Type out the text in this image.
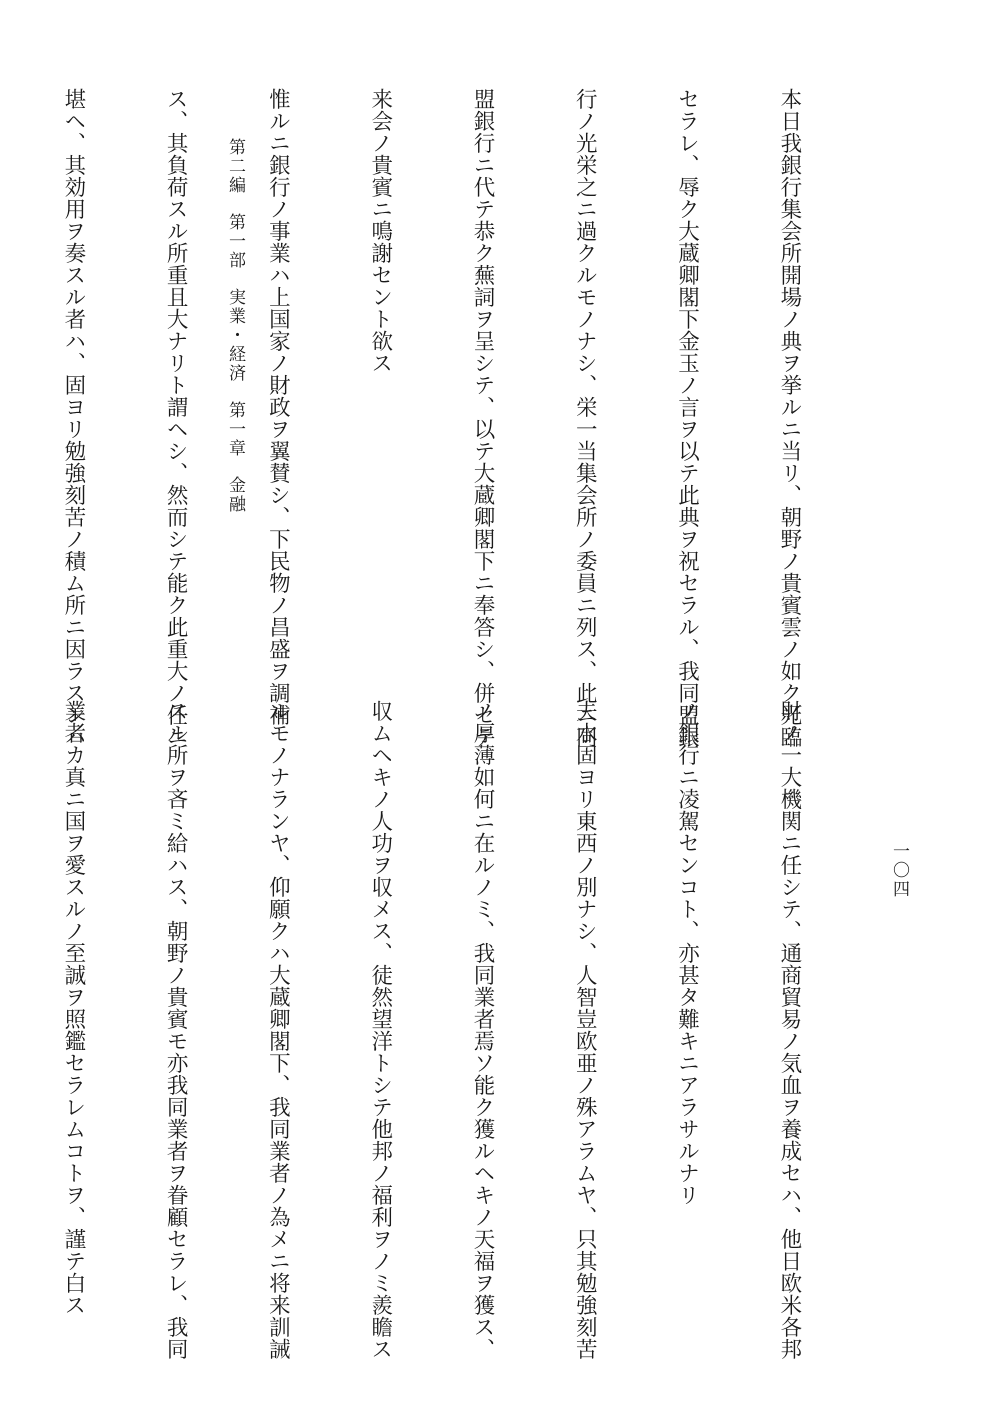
第二編第一部実業・経済第一章金融
一〇四

本日我銀行集会所開場ノ典ヲ挙ルニ当リ、朝野ノ貴賓雲ノ如ク光臨

セラレ、辱ク大蔵卿閣下金玉ノ言ヲ以テ此典ヲ祝セラル、我同盟銀

行ノ光栄之ニ過クルモノナシ、栄一当集会所ノ委員ニ列ス、此ニ同

盟銀行ニ代テ恭ク蕪詞ヲ呈シテ、以テ大蔵卿閣下ニ奉答シ、併セテ

来会ノ貴賓ニ鳴謝セント欲ス

惟ルニ銀行ノ事業ハ上国家ノ財政ヲ翼賛シ、下民物ノ昌盛ヲ調補

ス、其負荷スル所重且大ナリト謂ヘシ、然而シテ能ク此重大ノ任ニ

堪ヘ、其効用ヲ奏スル者ハ、固ヨリ勉強刻苦ノ積ム所ニ因ラスンハ

財ノ一大機関ニ任シテ、通商貿易ノ気血ヲ養成セハ、他日欧米各邦

ノ銀行ニ凌駕センコト、亦甚タ難キニアラサルナリ

夫水固ヨリ東西ノ別ナシ、人智豈欧亜ノ殊アラムヤ、只其勉強刻苦

ノ厚薄如何ニ在ルノミ、我同業者焉ソ能ク獲ルヘキノ天福ヲ獲ス、

収ムヘキノ人功ヲ収メス、徒然望洋トシテ他邦ノ福利ヲノミ羨瞻ス

ルモノナランヤ、仰願クハ大蔵卿閣下、我同業者ノ為メニ将来訓誡

スル所ヲ吝ミ給ハス、朝野ノ貴賓モ亦我同業者ヲ眷顧セラレ、我同

業者カ真ニ国ヲ愛スルノ至誠ヲ照鑑セラレムコトヲ、謹テ白ス
